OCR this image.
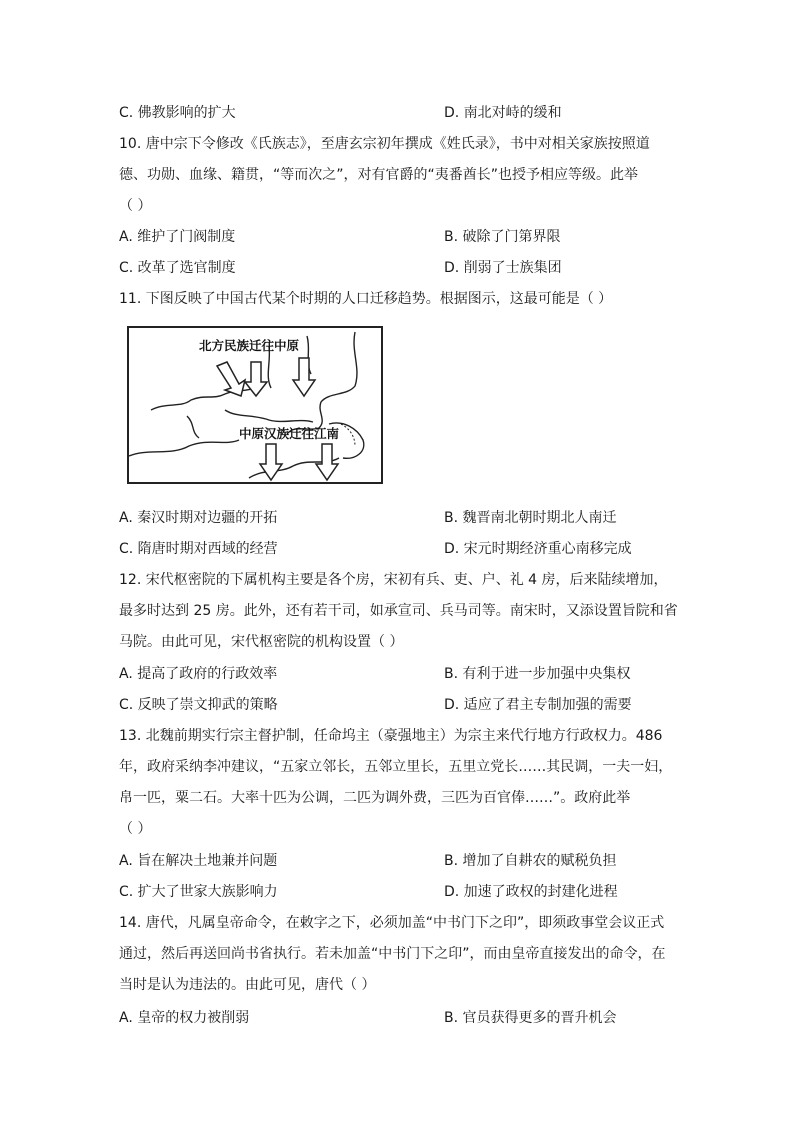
C. 佛教影响的扩大	D. 南北对峙的缓和
10. 唐中宗下令修改《氏族志》，至唐玄宗初年撰成《姓氏录》，书中对相关家族按照道
德、功勋、血缘、籍贯，“等而次之”，对有官爵的“夷番酋长”也授予相应等级。此举
（ ）
A. 维护了门阀制度	B. 破除了门第界限
C. 改革了选官制度	D. 削弱了士族集团
11. 下图反映了中国古代某个时期的人口迁移趋势。根据图示，这最可能是（ ）
北方民族迁往中原
中原汉族迁往江南
A. 秦汉时期对边疆的开拓	B. 魏晋南北朝时期北人南迁
C. 隋唐时期对西域的经营	D. 宋元时期经济重心南移完成
12. 宋代枢密院的下属机构主要是各个房，宋初有兵、吏、户、礼 4 房，后来陆续增加，
最多时达到 25 房。此外，还有若干司，如承宣司、兵马司等。南宋时，又添设置旨院和省
马院。由此可见，宋代枢密院的机构设置（ ）
A. 提高了政府的行政效率	B. 有利于进一步加强中央集权
C. 反映了崇文抑武的策略	D. 适应了君主专制加强的需要
13. 北魏前期实行宗主督护制，任命坞主（豪强地主）为宗主来代行地方行政权力。486
年，政府采纳李冲建议，“五家立邻长，五邻立里长，五里立党长……其民调，一夫一妇，
帛一匹，粟二石。大率十匹为公调，二匹为调外费，三匹为百官俸……”。政府此举
（ ）
A. 旨在解决土地兼并问题	B. 增加了自耕农的赋税负担
C. 扩大了世家大族影响力	D. 加速了政权的封建化进程
14. 唐代，凡属皇帝命令，在敕字之下，必须加盖“中书门下之印”，即须政事堂会议正式
通过，然后再送回尚书省执行。若未加盖“中书门下之印”，而由皇帝直接发出的命令，在
当时是认为违法的。由此可见，唐代（ ）
A. 皇帝的权力被削弱	B. 官员获得更多的晋升机会
